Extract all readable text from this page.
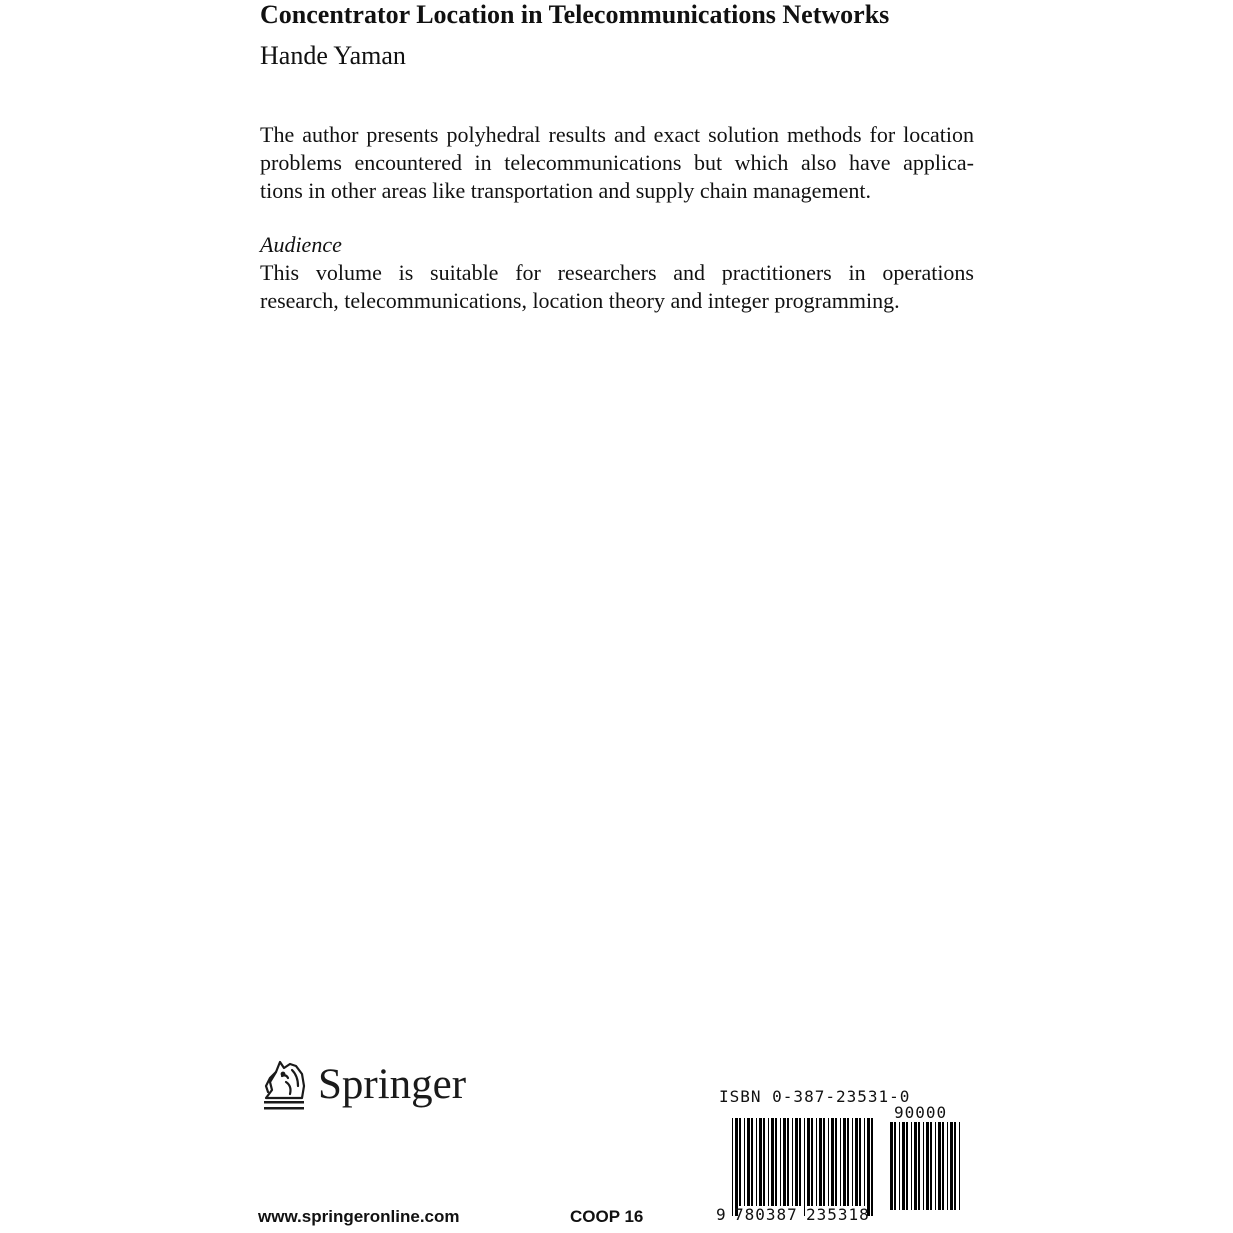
Concentrator Location in Telecommunications Networks
Hande Yaman
The author presents polyhedral results and exact solution methods for location
problems encountered in telecommunications but which also have applica-
tions in other areas like transportation and supply chain management.
Audience
This volume is suitable for researchers and practitioners in operations
research, telecommunications, location theory and integer programming.
Springer
www.springeronline.com	COOP 16
ISBN 0-387-23531-0
90000
9 780387 235318
